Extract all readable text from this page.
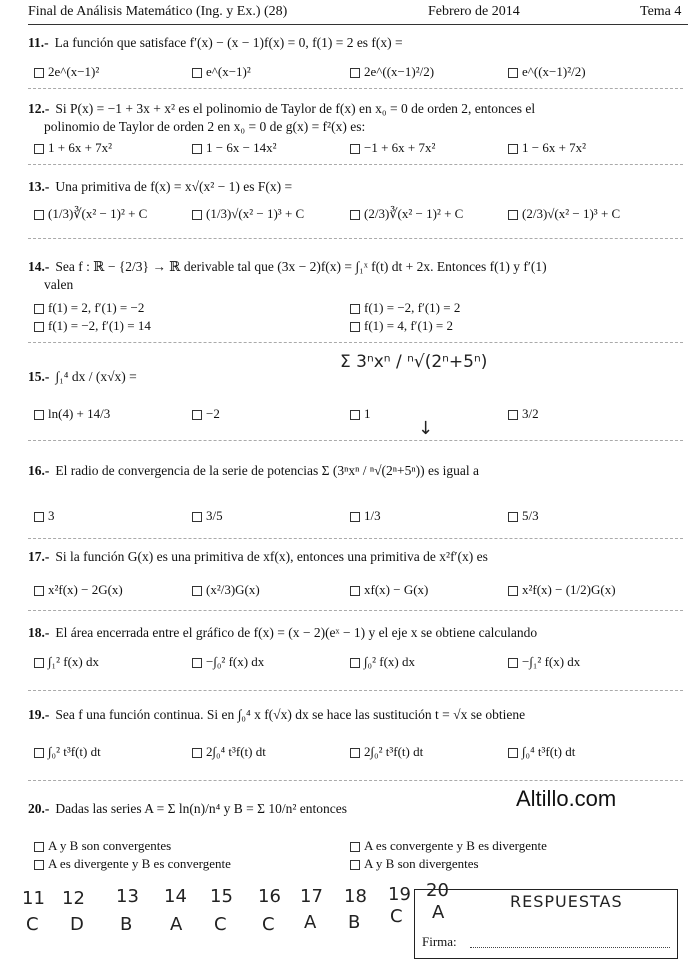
Final de Análisis Matemático (Ing. y Ex.) (28)	Febrero de 2014	Tema 4
11.- La función que satisface f′(x) − (x − 1)f(x) = 0, f(1) = 2 es f(x) =
2e^(x−1)²	e^(x−1)²	2e^((x−1)²/2)	e^((x−1)²/2)
12.- Si P(x) = −1 + 3x + x² es el polinomio de Taylor de f(x) en x₀ = 0 de orden 2, entonces el
polinomio de Taylor de orden 2 en x₀ = 0 de g(x) = f²(x) es:
1 + 6x + 7x²	1 − 6x − 14x²	−1 + 6x + 7x²	1 − 6x + 7x²
13.- Una primitiva de f(x) = x√(x² − 1) es F(x) =
(1/3)∛(x² − 1)² + C	(1/3)√(x² − 1)³ + C	(2/3)∛(x² − 1)² + C	(2/3)√(x² − 1)³ + C
14.- Sea f : ℝ − {2/3} → ℝ derivable tal que (3x − 2)f(x) = ∫₁ˣ f(t) dt + 2x. Entonces f(1) y f′(1)
valen
f(1) = 2, f′(1) = −2	f(1) = −2, f′(1) = 2
f(1) = −2, f′(1) = 14	f(1) = 4, f′(1) = 2
15.- ∫₁⁴ dx / (x√x) =
Σ 3ⁿxⁿ / ⁿ√(2ⁿ+5ⁿ)
↓
ln(4) + 14/3	−2	1	3/2
16.- El radio de convergencia de la serie de potencias Σ (3ⁿxⁿ / ⁿ√(2ⁿ+5ⁿ)) es igual a
3	3/5	1/3	5/3
17.- Si la función G(x) es una primitiva de xf(x), entonces una primitiva de x²f′(x) es
x²f(x) − 2G(x)	(x²/3)G(x)	xf(x) − G(x)	x²f(x) − (1/2)G(x)
18.- El área encerrada entre el gráfico de f(x) = (x − 2)(eˣ − 1) y el eje x se obtiene calculando
∫₁² f(x) dx	−∫₀² f(x) dx	∫₀² f(x) dx	−∫₁² f(x) dx
19.- Sea f una función continua. Si en ∫₀⁴ x f(√x) dx se hace las sustitución t = √x se obtiene
∫₀² t³f(t) dt	2∫₀⁴ t³f(t) dt	2∫₀² t³f(t) dt	∫₀⁴ t³f(t) dt
20.- Dadas las series A = Σ ln(n)/n⁴ y B = Σ 10/n² entonces	Altillo.com
A y B son convergentes	A es convergente y B es divergente
A es divergente y B es convergente	A y B son divergentes
11 12 13 14 15 16 17 18 19 20
C D B A C C A B C A
RESPUESTAS
Firma:
